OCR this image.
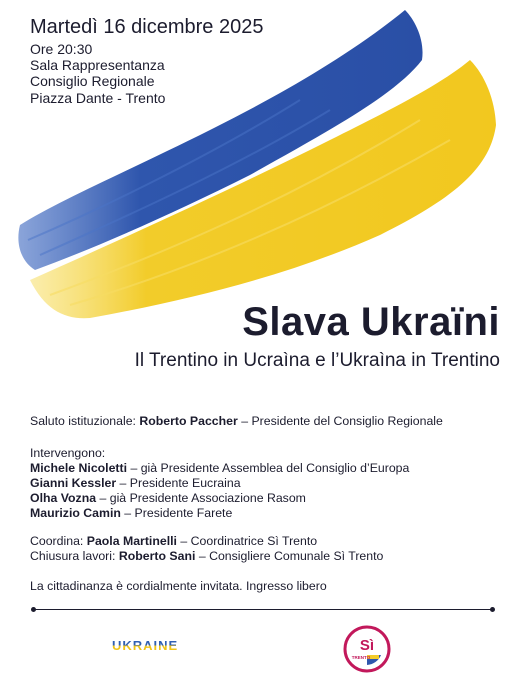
Martedì 16 dicembre 2025
Ore 20:30
Sala Rappresentanza
Consiglio Regionale
Piazza Dante - Trento
Slava Ukraïni
Il Trentino in Ucraìna e l’Ukraìna in Trentino
Saluto istituzionale: Roberto Paccher – Presidente del Consiglio Regionale
Intervengono:
Michele Nicoletti – già Presidente Assemblea del Consiglio d’Europa
Gianni Kessler – Presidente Eucraina
Olha Vozna – già Presidente Associazione Rasom
Maurizio Camin – Presidente Farete
Coordina: Paola Martinelli – Coordinatrice Sì Trento
Chiusura lavori: Roberto Sani – Consigliere Comunale Sì Trento
La cittadinanza è cordialmente invitata. Ingresso libero
UKRAINE	Sì
TRENTO
